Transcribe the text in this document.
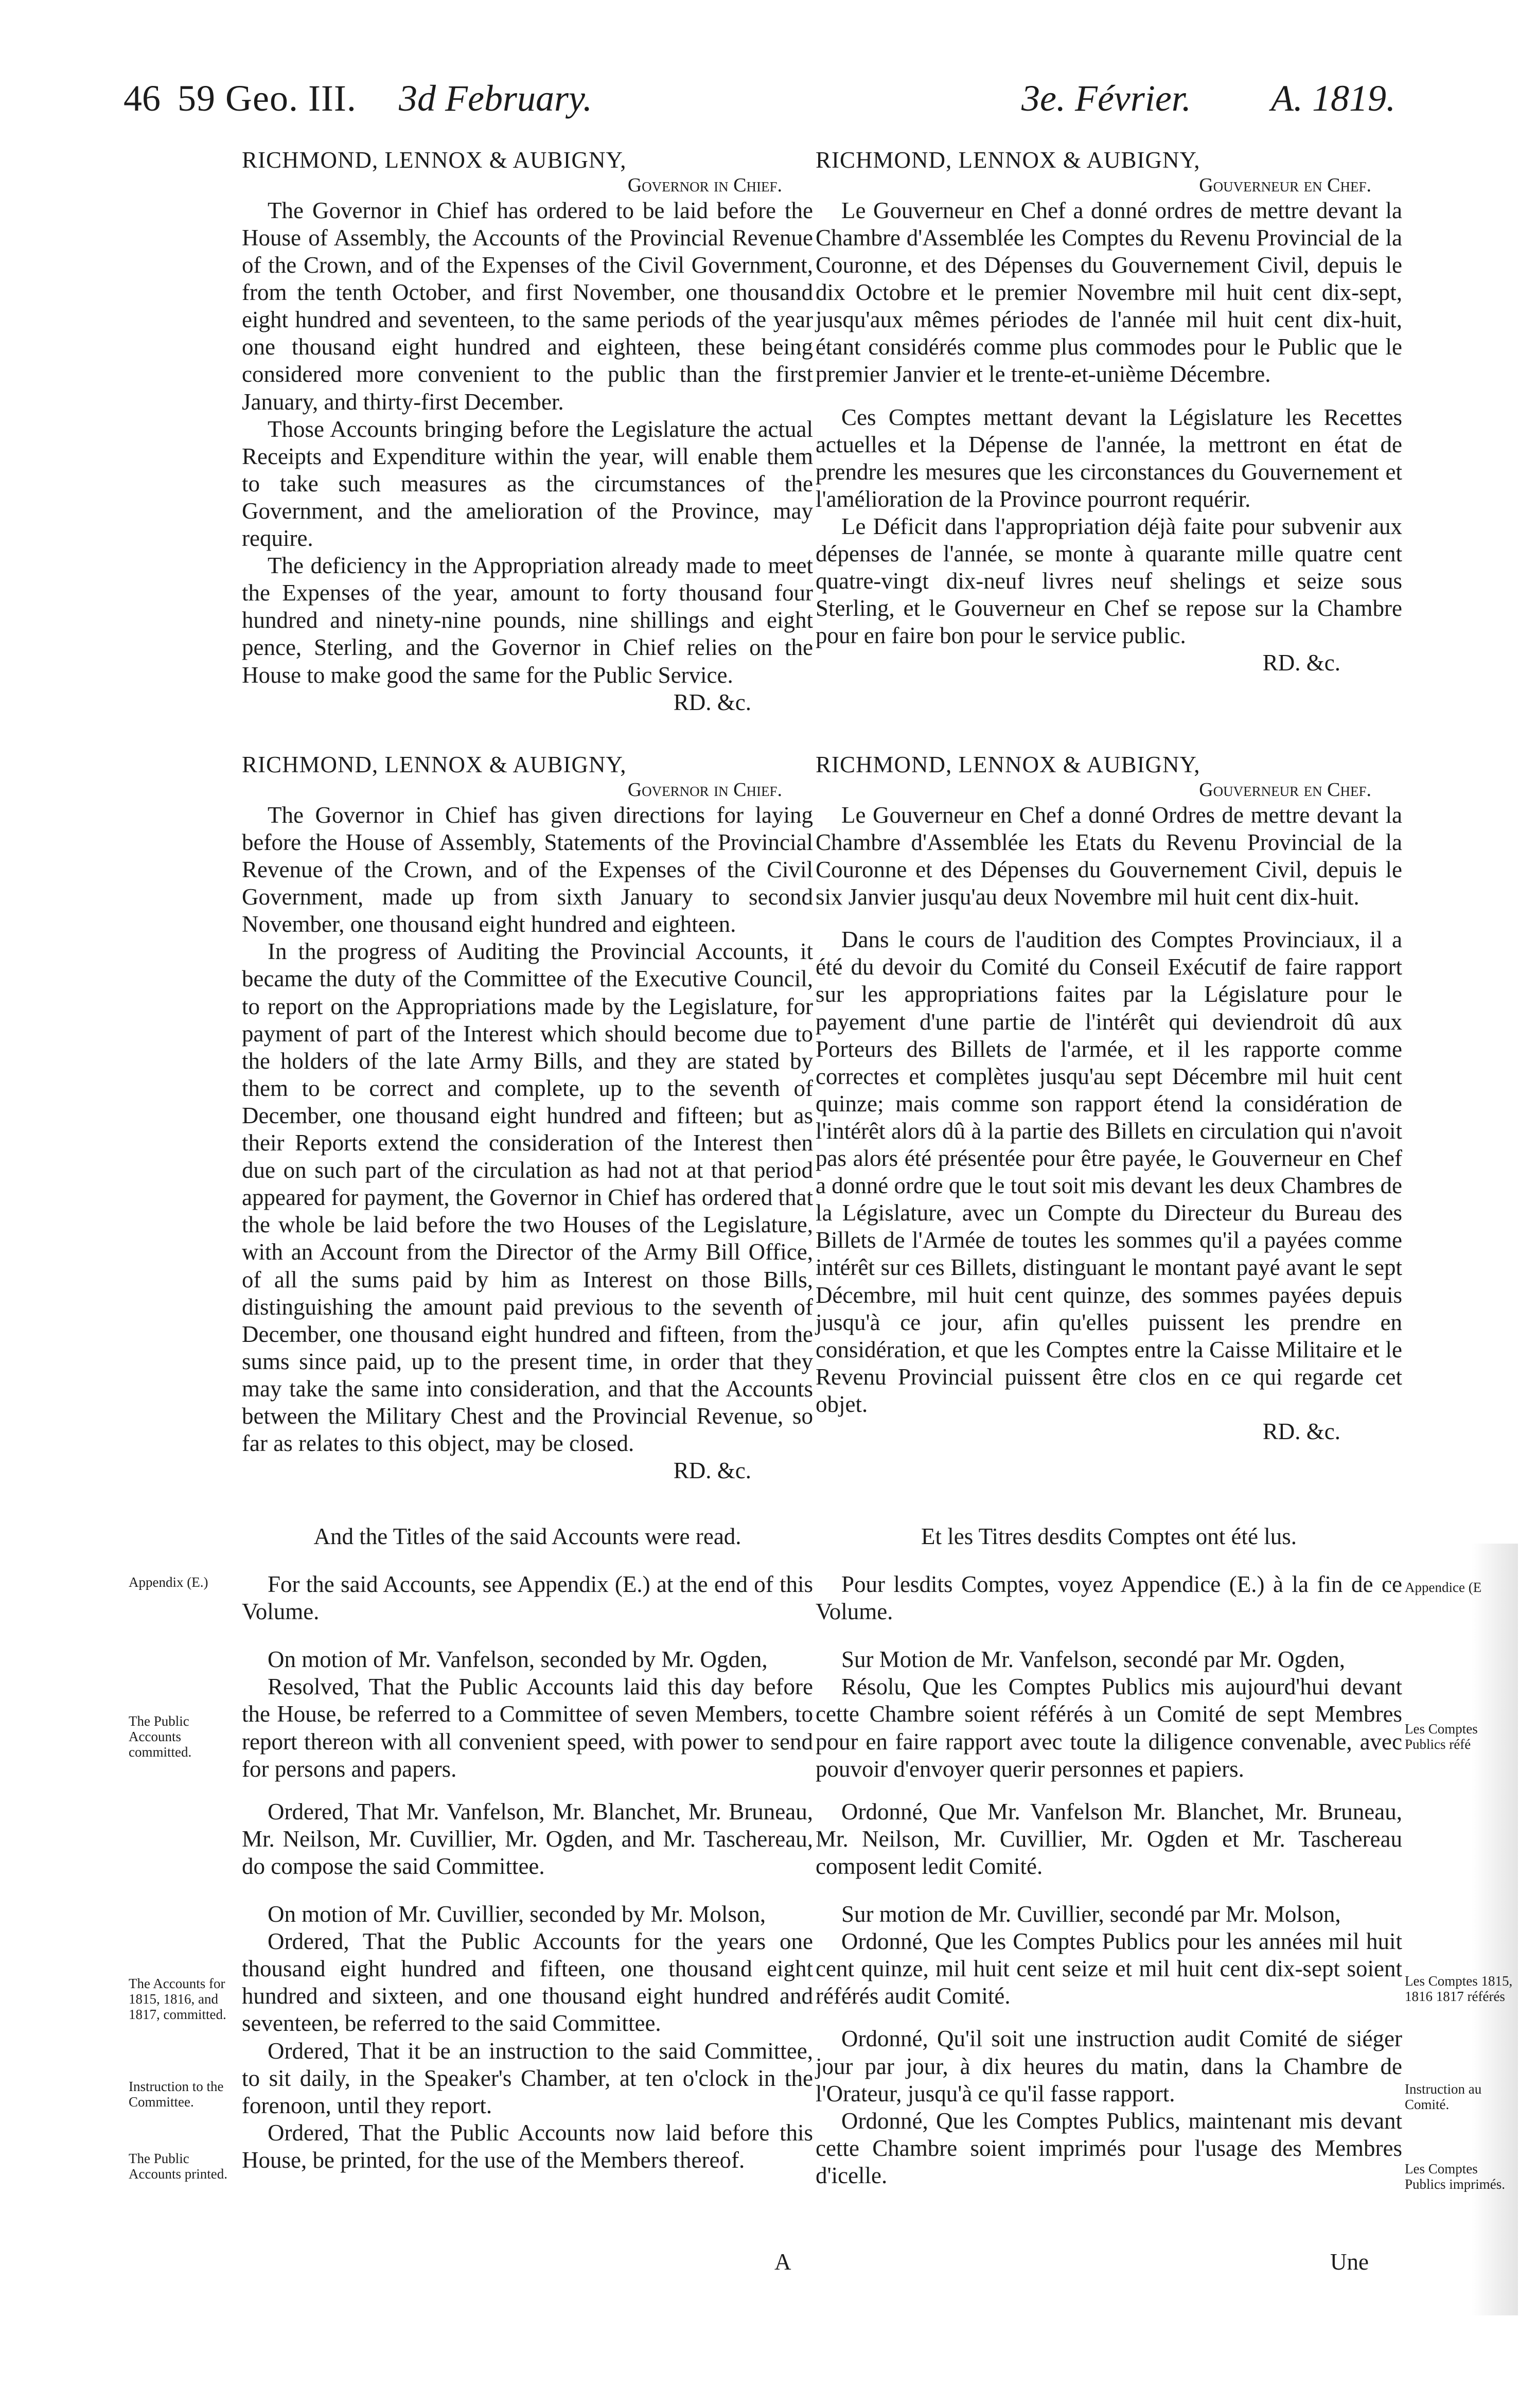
46 59 Geo. III. 3d February.	3e. Février. A. 1819.

RICHMOND, LENNOX & AUBIGNY,

Governor in Chief.

The Governor in Chief has ordered to be laid before the House of Assembly, the Accounts of the Provincial Revenue of the Crown, and of the Expenses of the Civil Government, from the tenth October, and first November, one thousand eight hundred and seventeen, to the same periods of the year one thousand eight hundred and eighteen, these being considered more convenient to the public than the first January, and thirty-first December.

Those Accounts bringing before the Legislature the actual Receipts and Expenditure within the year, will enable them to take such measures as the circumstances of the Government, and the amelioration of the Province, may require.

The deficiency in the Appropriation already made to meet the Expenses of the year, amount to forty thousand four hundred and ninety-nine pounds, nine shillings and eight pence, Sterling, and the Governor in Chief relies on the House to make good the same for the Public Service.

RD. &c.

RICHMOND, LENNOX & AUBIGNY,

Governor in Chief.

The Governor in Chief has given directions for laying before the House of Assembly, Statements of the Provincial Revenue of the Crown, and of the Expenses of the Civil Government, made up from sixth January to second November, one thousand eight hundred and eighteen.

In the progress of Auditing the Provincial Accounts, it became the duty of the Committee of the Executive Council, to report on the Appropriations made by the Legislature, for payment of part of the Interest which should become due to the holders of the late Army Bills, and they are stated by them to be correct and complete, up to the seventh of December, one thousand eight hundred and fifteen; but as their Reports extend the consideration of the Interest then due on such part of the circulation as had not at that period appeared for payment, the Governor in Chief has ordered that the whole be laid before the two Houses of the Legislature, with an Account from the Director of the Army Bill Office, of all the sums paid by him as Interest on those Bills, distinguishing the amount paid previous to the seventh of December, one thousand eight hundred and fifteen, from the sums since paid, up to the present time, in order that they may take the same into consideration, and that the Accounts between the Military Chest and the Provincial Revenue, so far as relates to this object, may be closed.

RD. &c.

And the Titles of the said Accounts were read.

For the said Accounts, see Appendix (E.) at the end of this Volume.

On motion of Mr. Vanfelson, seconded by Mr. Ogden,

Resolved, That the Public Accounts laid this day before the House, be referred to a Committee of seven Members, to report thereon with all convenient speed, with power to send for persons and papers.

Ordered, That Mr. Vanfelson, Mr. Blanchet, Mr. Bruneau, Mr. Neilson, Mr. Cuvillier, Mr. Ogden, and Mr. Taschereau, do compose the said Committee.

On motion of Mr. Cuvillier, seconded by Mr. Molson,

Ordered, That the Public Accounts for the years one thousand eight hundred and fifteen, one thousand eight hundred and sixteen, and one thousand eight hundred and seventeen, be referred to the said Committee.

Ordered, That it be an instruction to the said Committee, to sit daily, in the Speaker's Chamber, at ten o'clock in the forenoon, until they report.

Ordered, That the Public Accounts now laid before this House, be printed, for the use of the Members thereof.

RICHMOND, LENNOX & AUBIGNY,

Gouverneur en Chef.

Le Gouverneur en Chef a donné ordres de mettre devant la Chambre d'Assemblée les Comptes du Revenu Provincial de la Couronne, et des Dépenses du Gouvernement Civil, depuis le dix Octobre et le premier Novembre mil huit cent dix-sept, jusqu'aux mêmes périodes de l'année mil huit cent dix-huit, étant considérés comme plus commodes pour le Public que le premier Janvier et le trente-et-unième Décembre.

Ces Comptes mettant devant la Législature les Recettes actuelles et la Dépense de l'année, la mettront en état de prendre les mesures que les circonstances du Gouvernement et l'amélioration de la Province pourront requérir.

Le Déficit dans l'appropriation déjà faite pour subvenir aux dépenses de l'année, se monte à quarante mille quatre cent quatre-vingt dix-neuf livres neuf shelings et seize sous Sterling, et le Gouverneur en Chef se repose sur la Chambre pour en faire bon pour le service public.

RD. &c.

RICHMOND, LENNOX & AUBIGNY,

Gouverneur en Chef.

Le Gouverneur en Chef a donné Ordres de mettre devant la Chambre d'Assemblée les Etats du Revenu Provincial de la Couronne et des Dépenses du Gouvernement Civil, depuis le six Janvier jusqu'au deux Novembre mil huit cent dix-huit.

Dans le cours de l'audition des Comptes Provinciaux, il a été du devoir du Comité du Conseil Exécutif de faire rapport sur les appropriations faites par la Législature pour le payement d'une partie de l'intérêt qui deviendroit dû aux Porteurs des Billets de l'armée, et il les rapporte comme correctes et complètes jusqu'au sept Décembre mil huit cent quinze; mais comme son rapport étend la considération de l'intérêt alors dû à la partie des Billets en circulation qui n'avoit pas alors été présentée pour être payée, le Gouverneur en Chef a donné ordre que le tout soit mis devant les deux Chambres de la Législature, avec un Compte du Directeur du Bureau des Billets de l'Armée de toutes les sommes qu'il a payées comme intérêt sur ces Billets, distinguant le montant payé avant le sept Décembre, mil huit cent quinze, des sommes payées depuis jusqu'à ce jour, afin qu'elles puissent les prendre en considération, et que les Comptes entre la Caisse Militaire et le Revenu Provincial puissent être clos en ce qui regarde cet objet.

RD. &c.

Et les Titres desdits Comptes ont été lus.

Pour lesdits Comptes, voyez Appendice (E.) à la fin de ce Volume.

Sur Motion de Mr. Vanfelson, secondé par Mr. Ogden,

Résolu, Que les Comptes Publics mis aujourd'hui devant cette Chambre soient référés à un Comité de sept Membres pour en faire rapport avec toute la diligence convenable, avec pouvoir d'envoyer querir personnes et papiers.

Ordonné, Que Mr. Vanfelson Mr. Blanchet, Mr. Bruneau, Mr. Neilson, Mr. Cuvillier, Mr. Ogden et Mr. Taschereau composent ledit Comité.

Sur motion de Mr. Cuvillier, secondé par Mr. Molson,

Ordonné, Que les Comptes Publics pour les années mil huit cent quinze, mil huit cent seize et mil huit cent dix-sept soient référés audit Comité.

Ordonné, Qu'il soit une instruction audit Comité de siéger jour par jour, à dix heures du matin, dans la Chambre de l'Orateur, jusqu'à ce qu'il fasse rapport.

Ordonné, Que les Comptes Publics, maintenant mis devant cette Chambre soient imprimés pour l'usage des Membres d'icelle.

Appendix (E.)
The Public Accounts committed.
The Accounts for 1815, 1816, and 1817, committed.
Instruction to the Committee.
The Public Accounts printed.
Appendice (E
Les Comptes Publics réfé
Les Comptes 1815, 1816 1817 référés
Instruction au Comité.
Les Comptes Publics imprimés.
A	Une
